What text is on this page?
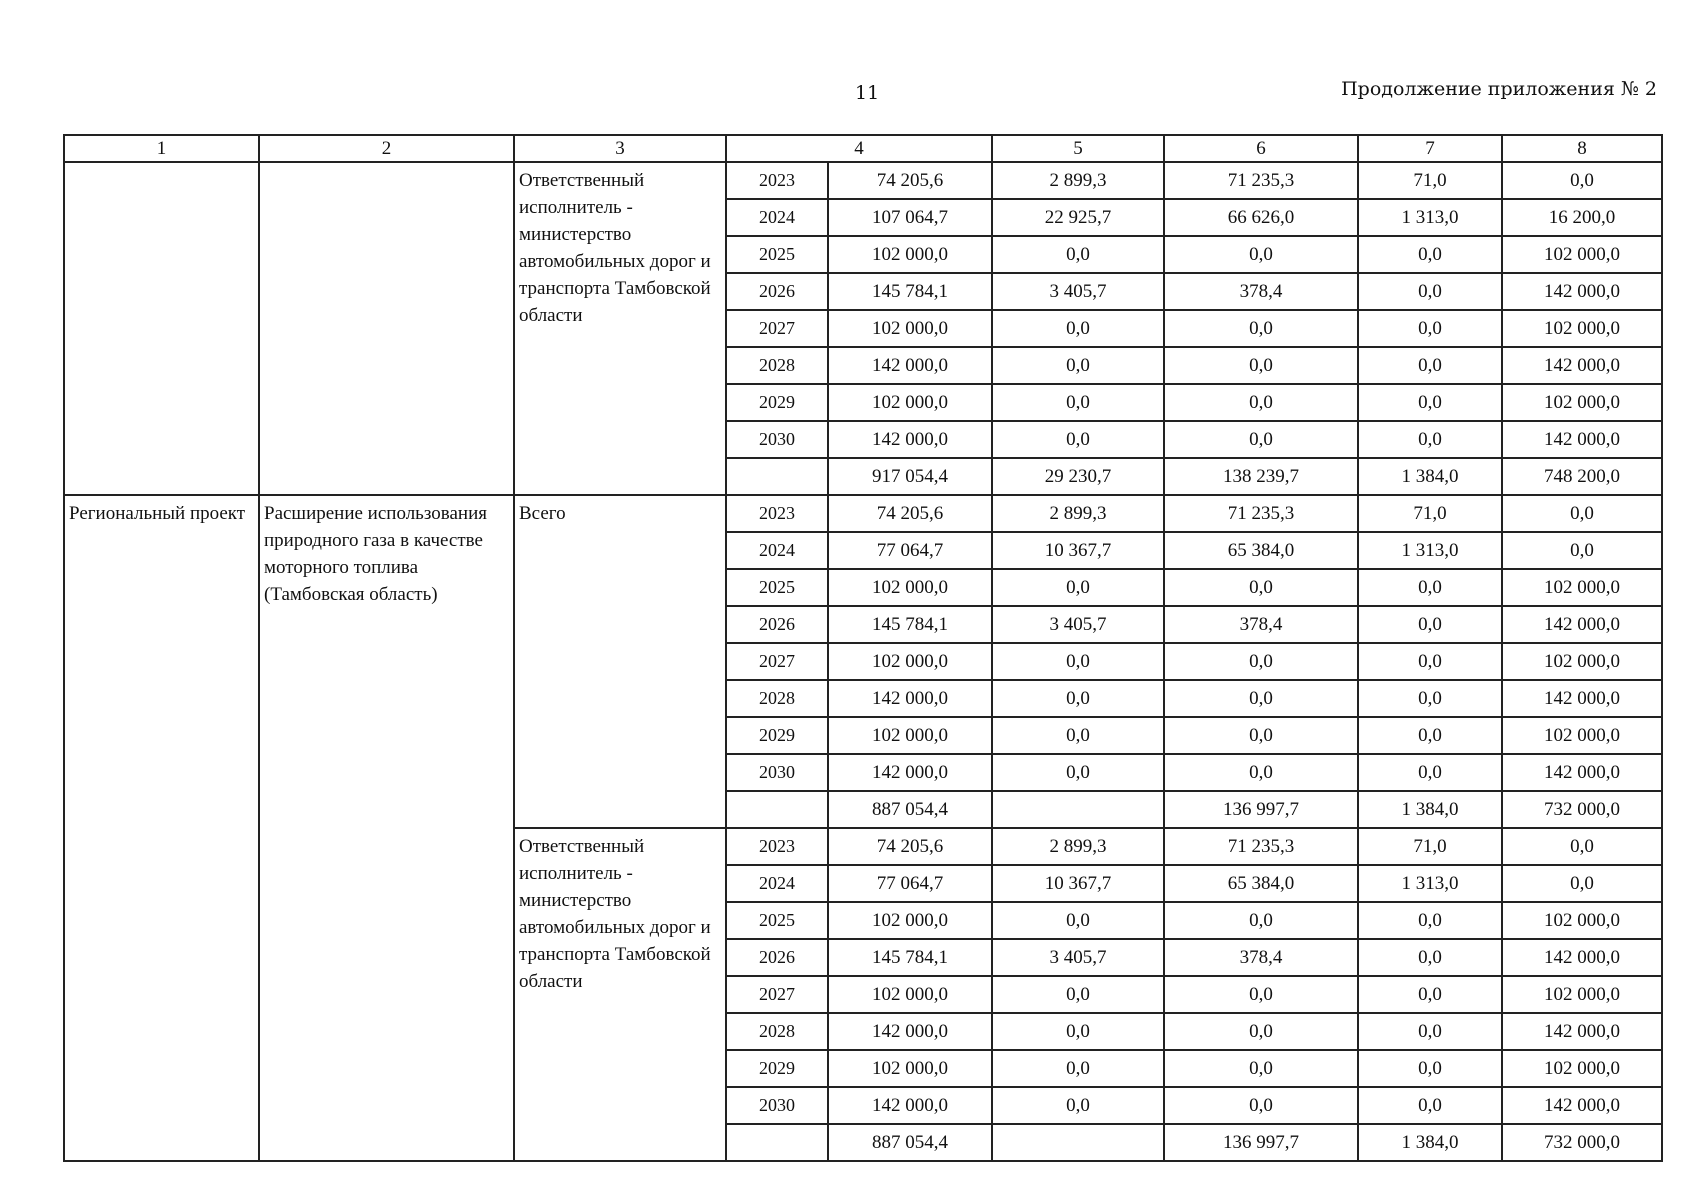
11	Продолжение приложения № 2
1	2	3	4		5	6	7	8
		Ответственный исполнитель - министерство автомобильных дорог и транспорта Тамбовской области	2023	74 205,6	2 899,3	71 235,3	71,0	0,0
			2024	107 064,7	22 925,7	66 626,0	1 313,0	16 200,0
			2025	102 000,0	0,0	0,0	0,0	102 000,0
			2026	145 784,1	3 405,7	378,4	0,0	142 000,0
			2027	102 000,0	0,0	0,0	0,0	102 000,0
			2028	142 000,0	0,0	0,0	0,0	142 000,0
			2029	102 000,0	0,0	0,0	0,0	102 000,0
			2030	142 000,0	0,0	0,0	0,0	142 000,0
				917 054,4	29 230,7	138 239,7	1 384,0	748 200,0
Региональный проект	Расширение использования природного газа в качестве моторного топлива (Тамбовская область)	Всего	2023	74 205,6	2 899,3	71 235,3	71,0	0,0
			2024	77 064,7	10 367,7	65 384,0	1 313,0	0,0
			2025	102 000,0	0,0	0,0	0,0	102 000,0
			2026	145 784,1	3 405,7	378,4	0,0	142 000,0
			2027	102 000,0	0,0	0,0	0,0	102 000,0
			2028	142 000,0	0,0	0,0	0,0	142 000,0
			2029	102 000,0	0,0	0,0	0,0	102 000,0
			2030	142 000,0	0,0	0,0	0,0	142 000,0
				887 054,4		136 997,7	1 384,0	732 000,0
		Ответственный исполнитель - министерство автомобильных дорог и транспорта Тамбовской области	2023	74 205,6	2 899,3	71 235,3	71,0	0,0
			2024	77 064,7	10 367,7	65 384,0	1 313,0	0,0
			2025	102 000,0	0,0	0,0	0,0	102 000,0
			2026	145 784,1	3 405,7	378,4	0,0	142 000,0
			2027	102 000,0	0,0	0,0	0,0	102 000,0
			2028	142 000,0	0,0	0,0	0,0	142 000,0
			2029	102 000,0	0,0	0,0	0,0	102 000,0
			2030	142 000,0	0,0	0,0	0,0	142 000,0
				887 054,4		136 997,7	1 384,0	732 000,0
